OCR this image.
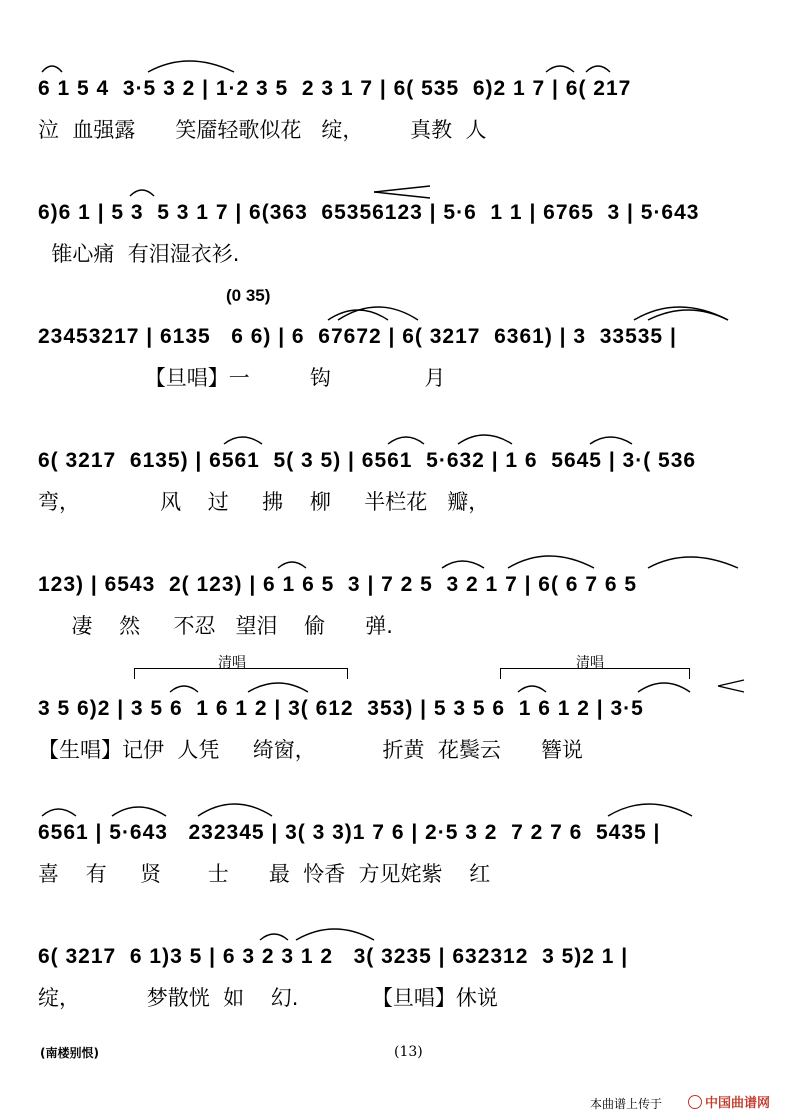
6 1 5 4  3·5 3 2 | 1·2 3 5  2 3 1 7 | 6( 535  6)2 1 7 | 6( 217
泣  血强露      笑靥轻歌似花   绽，       真教  人
6)6 1 | 5 3  5 3 1 7 | 6(363  65356123 | 5·6  1 1 | 6765  3 | 5·643
锥心痛  有泪湿衣衫.
(0 35)
23453217 | 6135   6 6) | 6  67672 | 6( 3217  6361) | 3  33535 |
【旦唱】一         钩              月
6( 3217  6135) | 6561  5( 3 5) | 6561  5·632 | 1 6  5645 | 3·( 536
弯，            风    过     拂    柳     半栏花   瓣，
123) | 6543  2( 123) | 6 1 6 5  3 | 7 2 5  3 2 1 7 | 6( 6 7 6 5
凄    然     不忍   望泪    偷      弹.
清唱	清唱
3 5 6)2 | 3 5 6  1 6 1 2 | 3( 612  353) | 5 3 5 6  1 6 1 2 | 3·5
【生唱】记伊  人凭     绮窗，          折黄  花鬓云      簪说
6561 | 5·643   232345 | 3( 3 3)1 7 6 | 2·5 3 2  7 2 7 6  5435 |
喜    有     贤       士      最  怜香  方见姹紫    红
6( 3217  6 1)3 5 | 6 3 2 3 1 2   3( 3235 | 632312  3 5)2 1 |
绽，          梦散恍  如    幻.           【旦唱】休说
(南楼别恨)	(13)
本曲谱上传于	中国曲谱网
